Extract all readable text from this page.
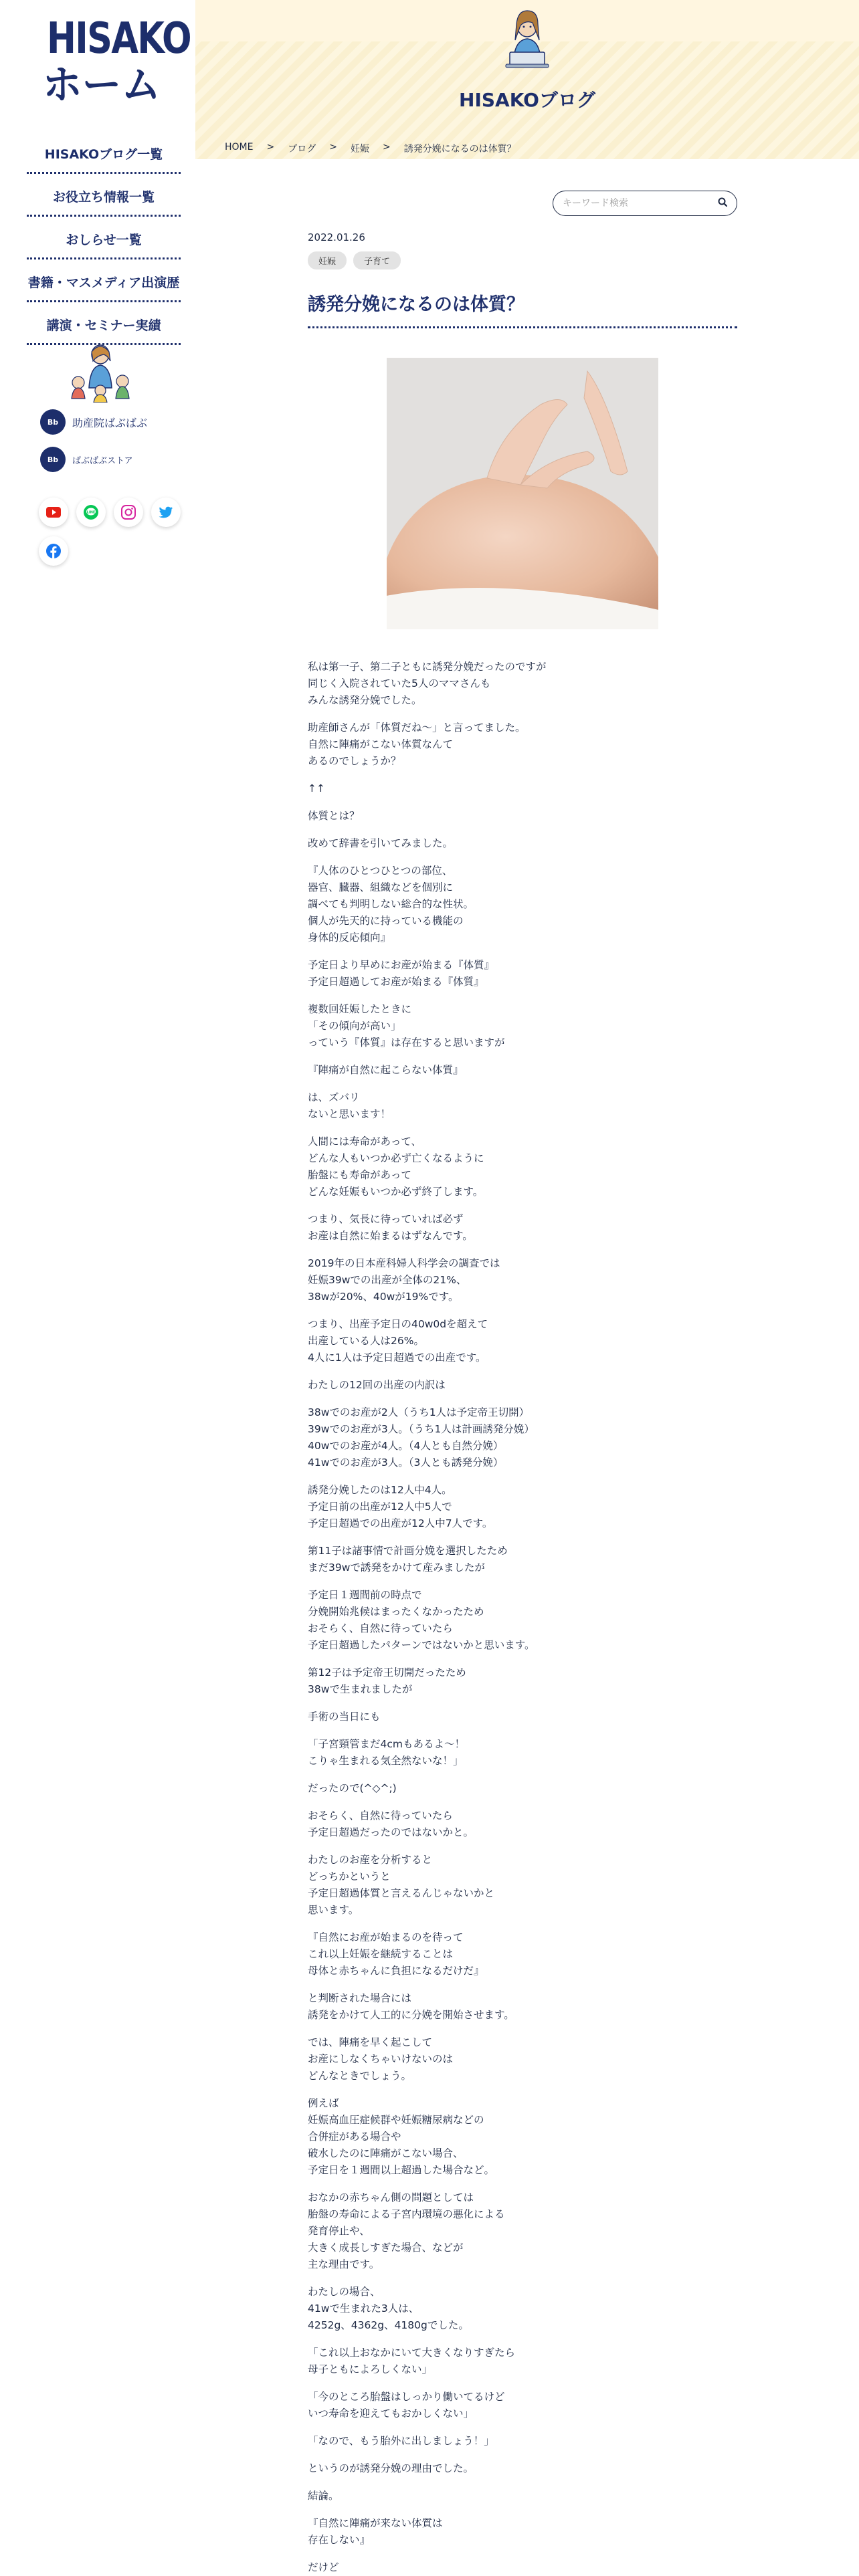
HISAKO
ホーム
HISAKOブログ一覧
お役立ち情報一覧
おしらせ一覧
書籍・マスメディア出演歴
講演・セミナー実績
Bb	助産院ばぶばぶ
Bb	ばぶばぶストア
LINE
HISAKOブログ
HOME > ブログ > 妊娠 > 誘発分娩になるのは体質？
キーワード検索
2022.01.26
妊娠	子育て
誘発分娩になるのは体質？

私は第一子、第二子ともに誘発分娩だったのですが
同じく入院されていた5人のママさんも
みんな誘発分娩でした。

助産師さんが「体質だね〜」と言ってました。
自然に陣痛がこない体質なんて
あるのでしょうか？

↑↑

体質とは？

改めて辞書を引いてみました。

『人体のひとつひとつの部位、
器官、臓器、組織などを個別に
調べても判明しない総合的な性状。
個人が先天的に持っている機能の
身体的反応傾向』

予定日より早めにお産が始まる『体質』
予定日超過してお産が始まる『体質』

複数回妊娠したときに
「その傾向が高い」
っていう『体質』は存在すると思いますが

『陣痛が自然に起こらない体質』

は、ズバリ
ないと思います！

人間には寿命があって、
どんな人もいつか必ず亡くなるように
胎盤にも寿命があって
どんな妊娠もいつか必ず終了します。

つまり、気長に待っていれば必ず
お産は自然に始まるはずなんです。

2019年の日本産科婦人科学会の調査では
妊娠39wでの出産が全体の21%、
38wが20%、40wが19%です。

つまり、出産予定日の40w0dを超えて
出産している人は26%。
4人に1人は予定日超過での出産です。

わたしの12回の出産の内訳は

38wでのお産が2人（うち1人は予定帝王切開）
39wでのお産が3人。（うち1人は計画誘発分娩）
40wでのお産が4人。（4人とも自然分娩）
41wでのお産が3人。（3人とも誘発分娩）

誘発分娩したのは12人中4人。
予定日前の出産が12人中5人で
予定日超過での出産が12人中7人です。

第11子は諸事情で計画分娩を選択したため
まだ39wで誘発をかけて産みましたが

予定日１週間前の時点で
分娩開始兆候はまったくなかったため
おそらく、自然に待っていたら
予定日超過したパターンではないかと思います。

第12子は予定帝王切開だったため
38wで生まれましたが

手術の当日にも

「子宮頸管まだ4cmもあるよ〜！
こりゃ生まれる気全然ないな！」

だったので(^◇^;)

おそらく、自然に待っていたら
予定日超過だったのではないかと。

わたしのお産を分析すると
どっちかというと
予定日超過体質と言えるんじゃないかと
思います。

『自然にお産が始まるのを待って
これ以上妊娠を継続することは
母体と赤ちゃんに負担になるだけだ』

と判断された場合には
誘発をかけて人工的に分娩を開始させます。

では、陣痛を早く起こして
お産にしなくちゃいけないのは
どんなときでしょう。

例えば
妊娠高血圧症候群や妊娠糖尿病などの
合併症がある場合や
破水したのに陣痛がこない場合、
予定日を１週間以上超過した場合など。

おなかの赤ちゃん側の問題としては
胎盤の寿命による子宮内環境の悪化による
発育停止や、
大きく成長しすぎた場合、などが
主な理由です。

わたしの場合、
41wで生まれた3人は、
4252g、4362g、4180gでした。

「これ以上おなかにいて大きくなりすぎたら
母子ともによろしくない」

「今のところ胎盤はしっかり働いてるけど
いつ寿命を迎えてもおかしくない」

「なので、もう胎外に出しましょう！」

というのが誘発分娩の理由でした。

結論。

『自然に陣痛が来ない体質は
存在しない』

だけど
